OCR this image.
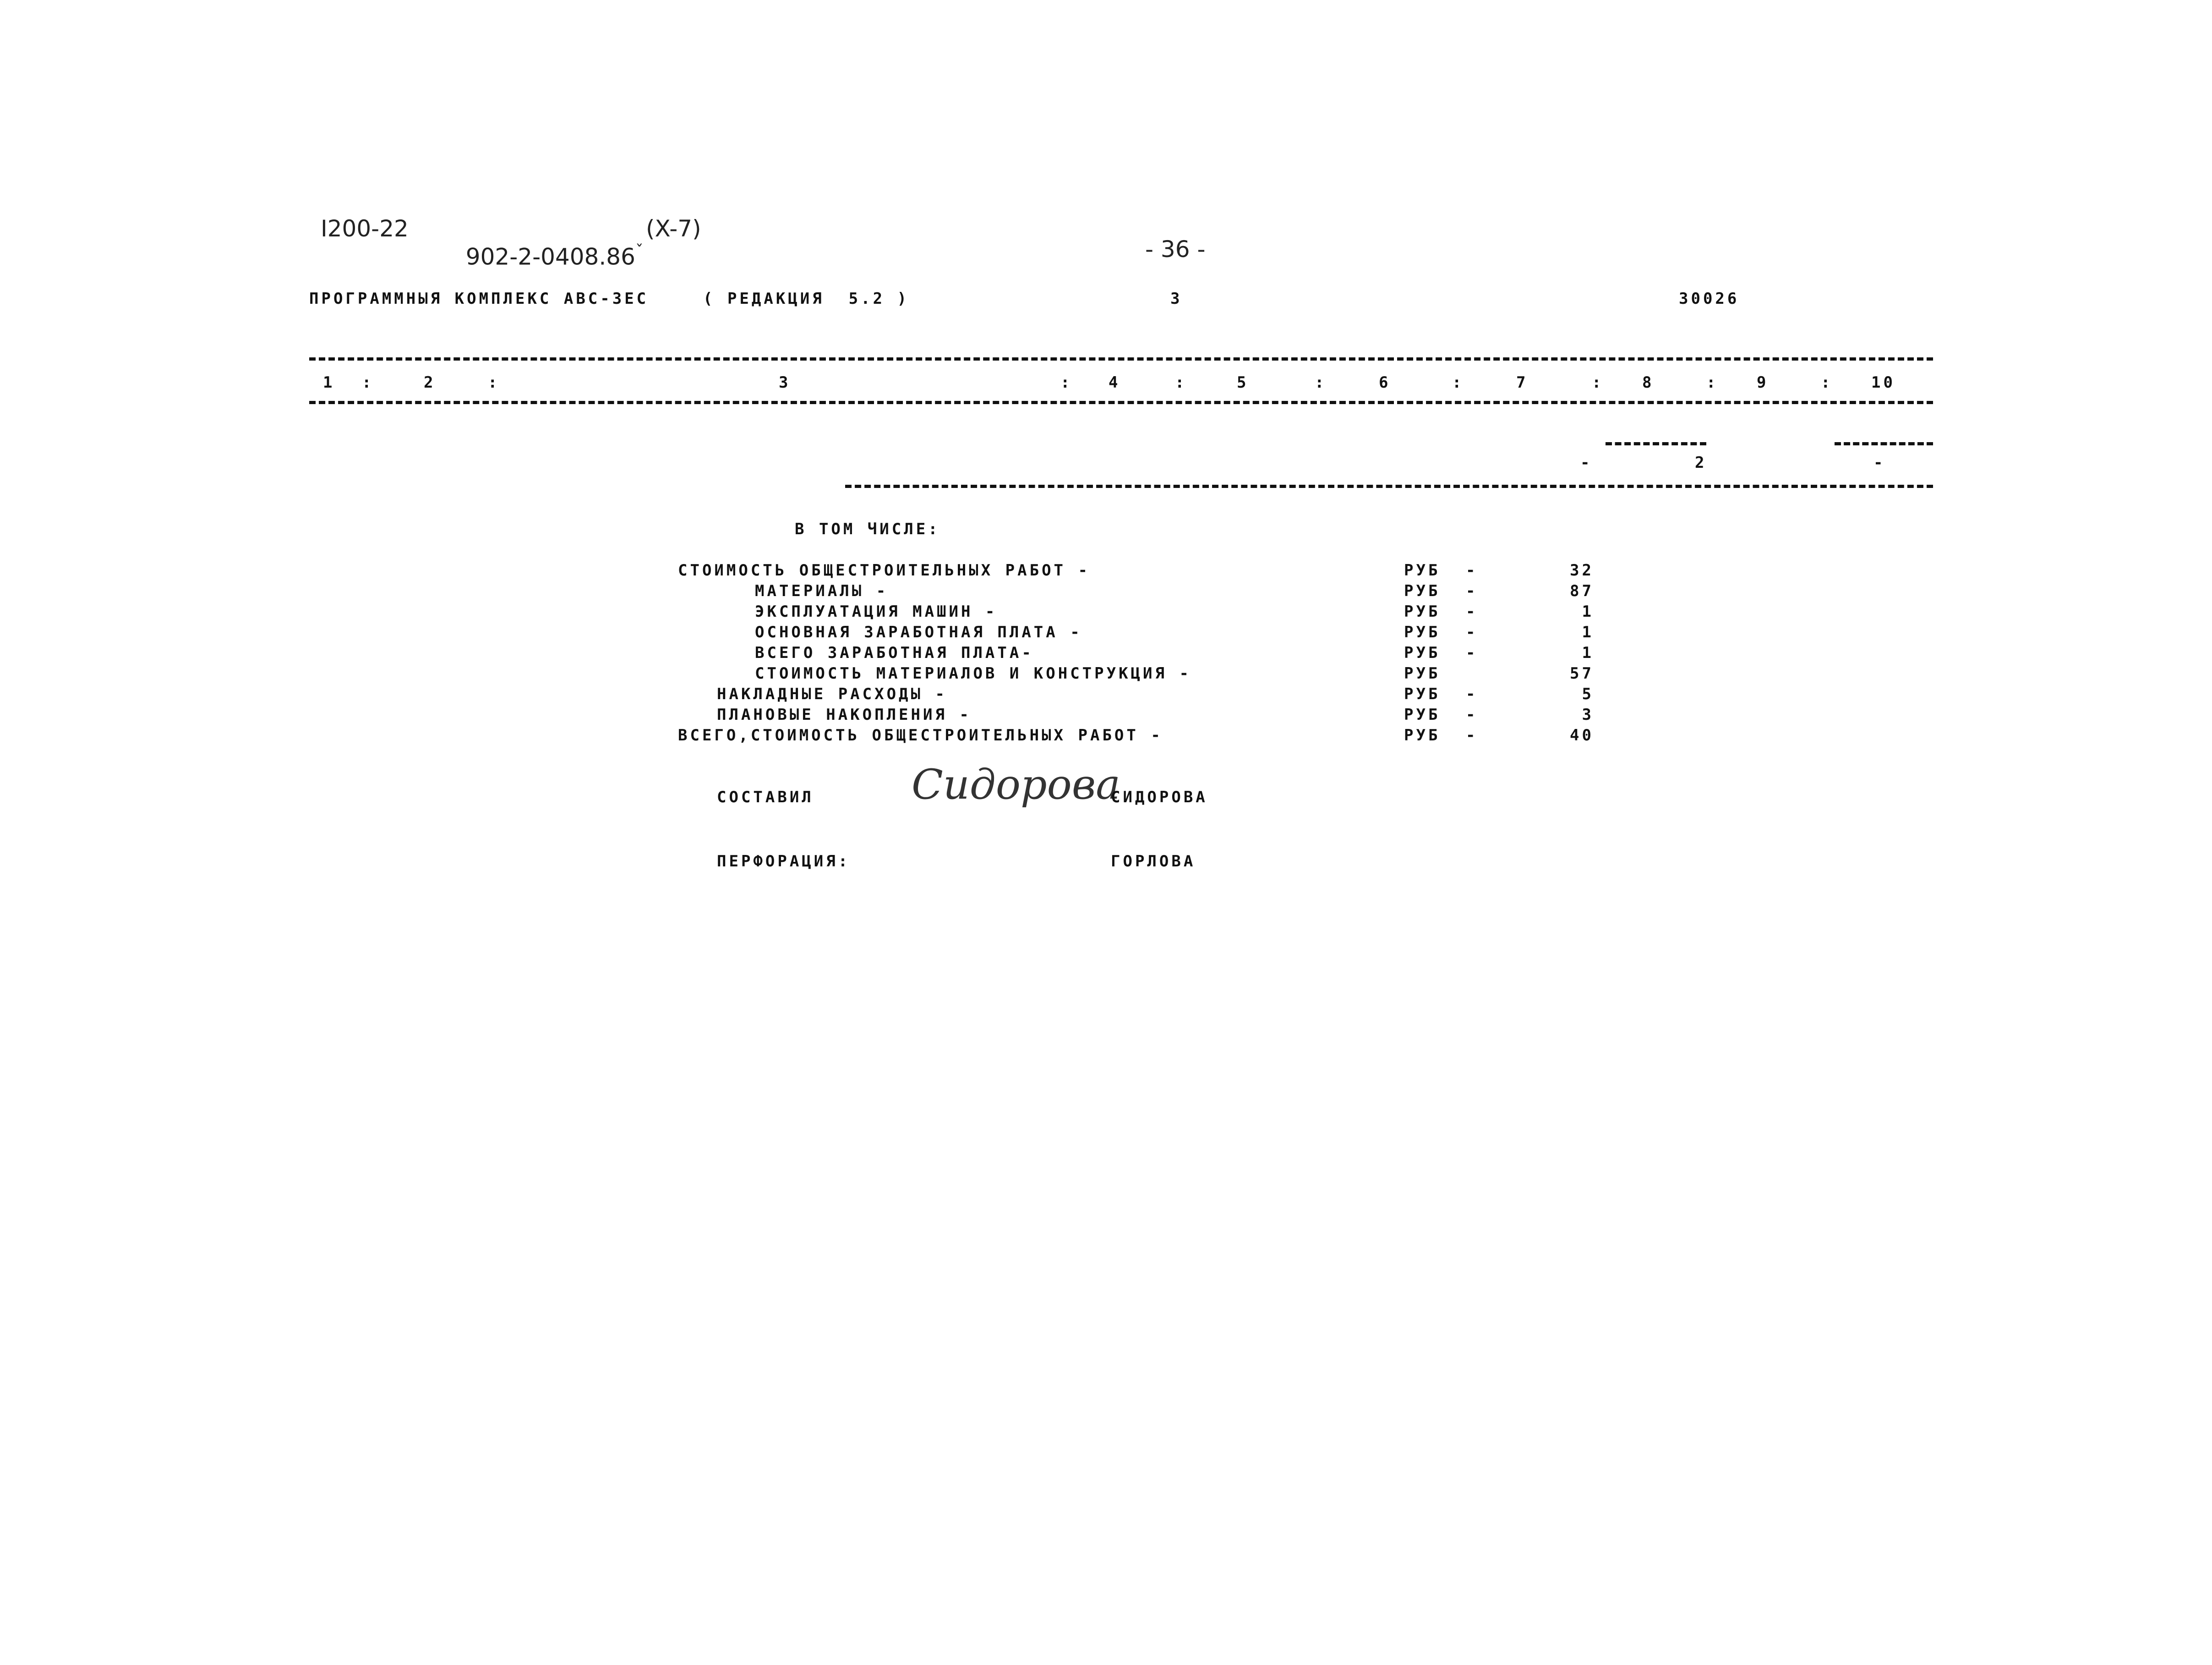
I200-22

$902-2-0408.86^ˇ$

(X-7)
- 36 -
ПРОГРАММНЫЯ КОМПЛЕКС АВС-3ЕС	( РЕДАКЦИЯ  5.2 )	3	30026
1 :	2	:	3	: 4	:	5	:	6	:	7	: 8	: 9	: 10
-	2	-
В ТОМ ЧИСЛЕ:
СТОИМОСТЬ ОБЩЕСТРОИТЕЛЬНЫХ РАБОТ -	РУБ -	32
МАТЕРИАЛЫ -	РУБ -	87
ЭКСПЛУАТАЦИЯ МАШИН -	РУБ -	1
ОСНОВНАЯ ЗАРАБОТНАЯ ПЛАТА -	РУБ -	1
ВСЕГО ЗАРАБОТНАЯ ПЛАТА-	РУБ -	1
СТОИМОСТЬ МАТЕРИАЛОВ И КОНСТРУКЦИЯ -	РУБ	57
НАКЛАДНЫЕ РАСХОДЫ -	РУБ -	5
ПЛАНОВЫЕ НАКОПЛЕНИЯ -	РУБ -	3
ВСЕГО,СТОИМОСТЬ ОБЩЕСТРОИТЕЛЬНЫХ РАБОТ -	РУБ -	40
СОСТАВИЛ Сидорова
СИДОРОВА
ПЕРФОРАЦИЯ:	ГОРЛОВА
